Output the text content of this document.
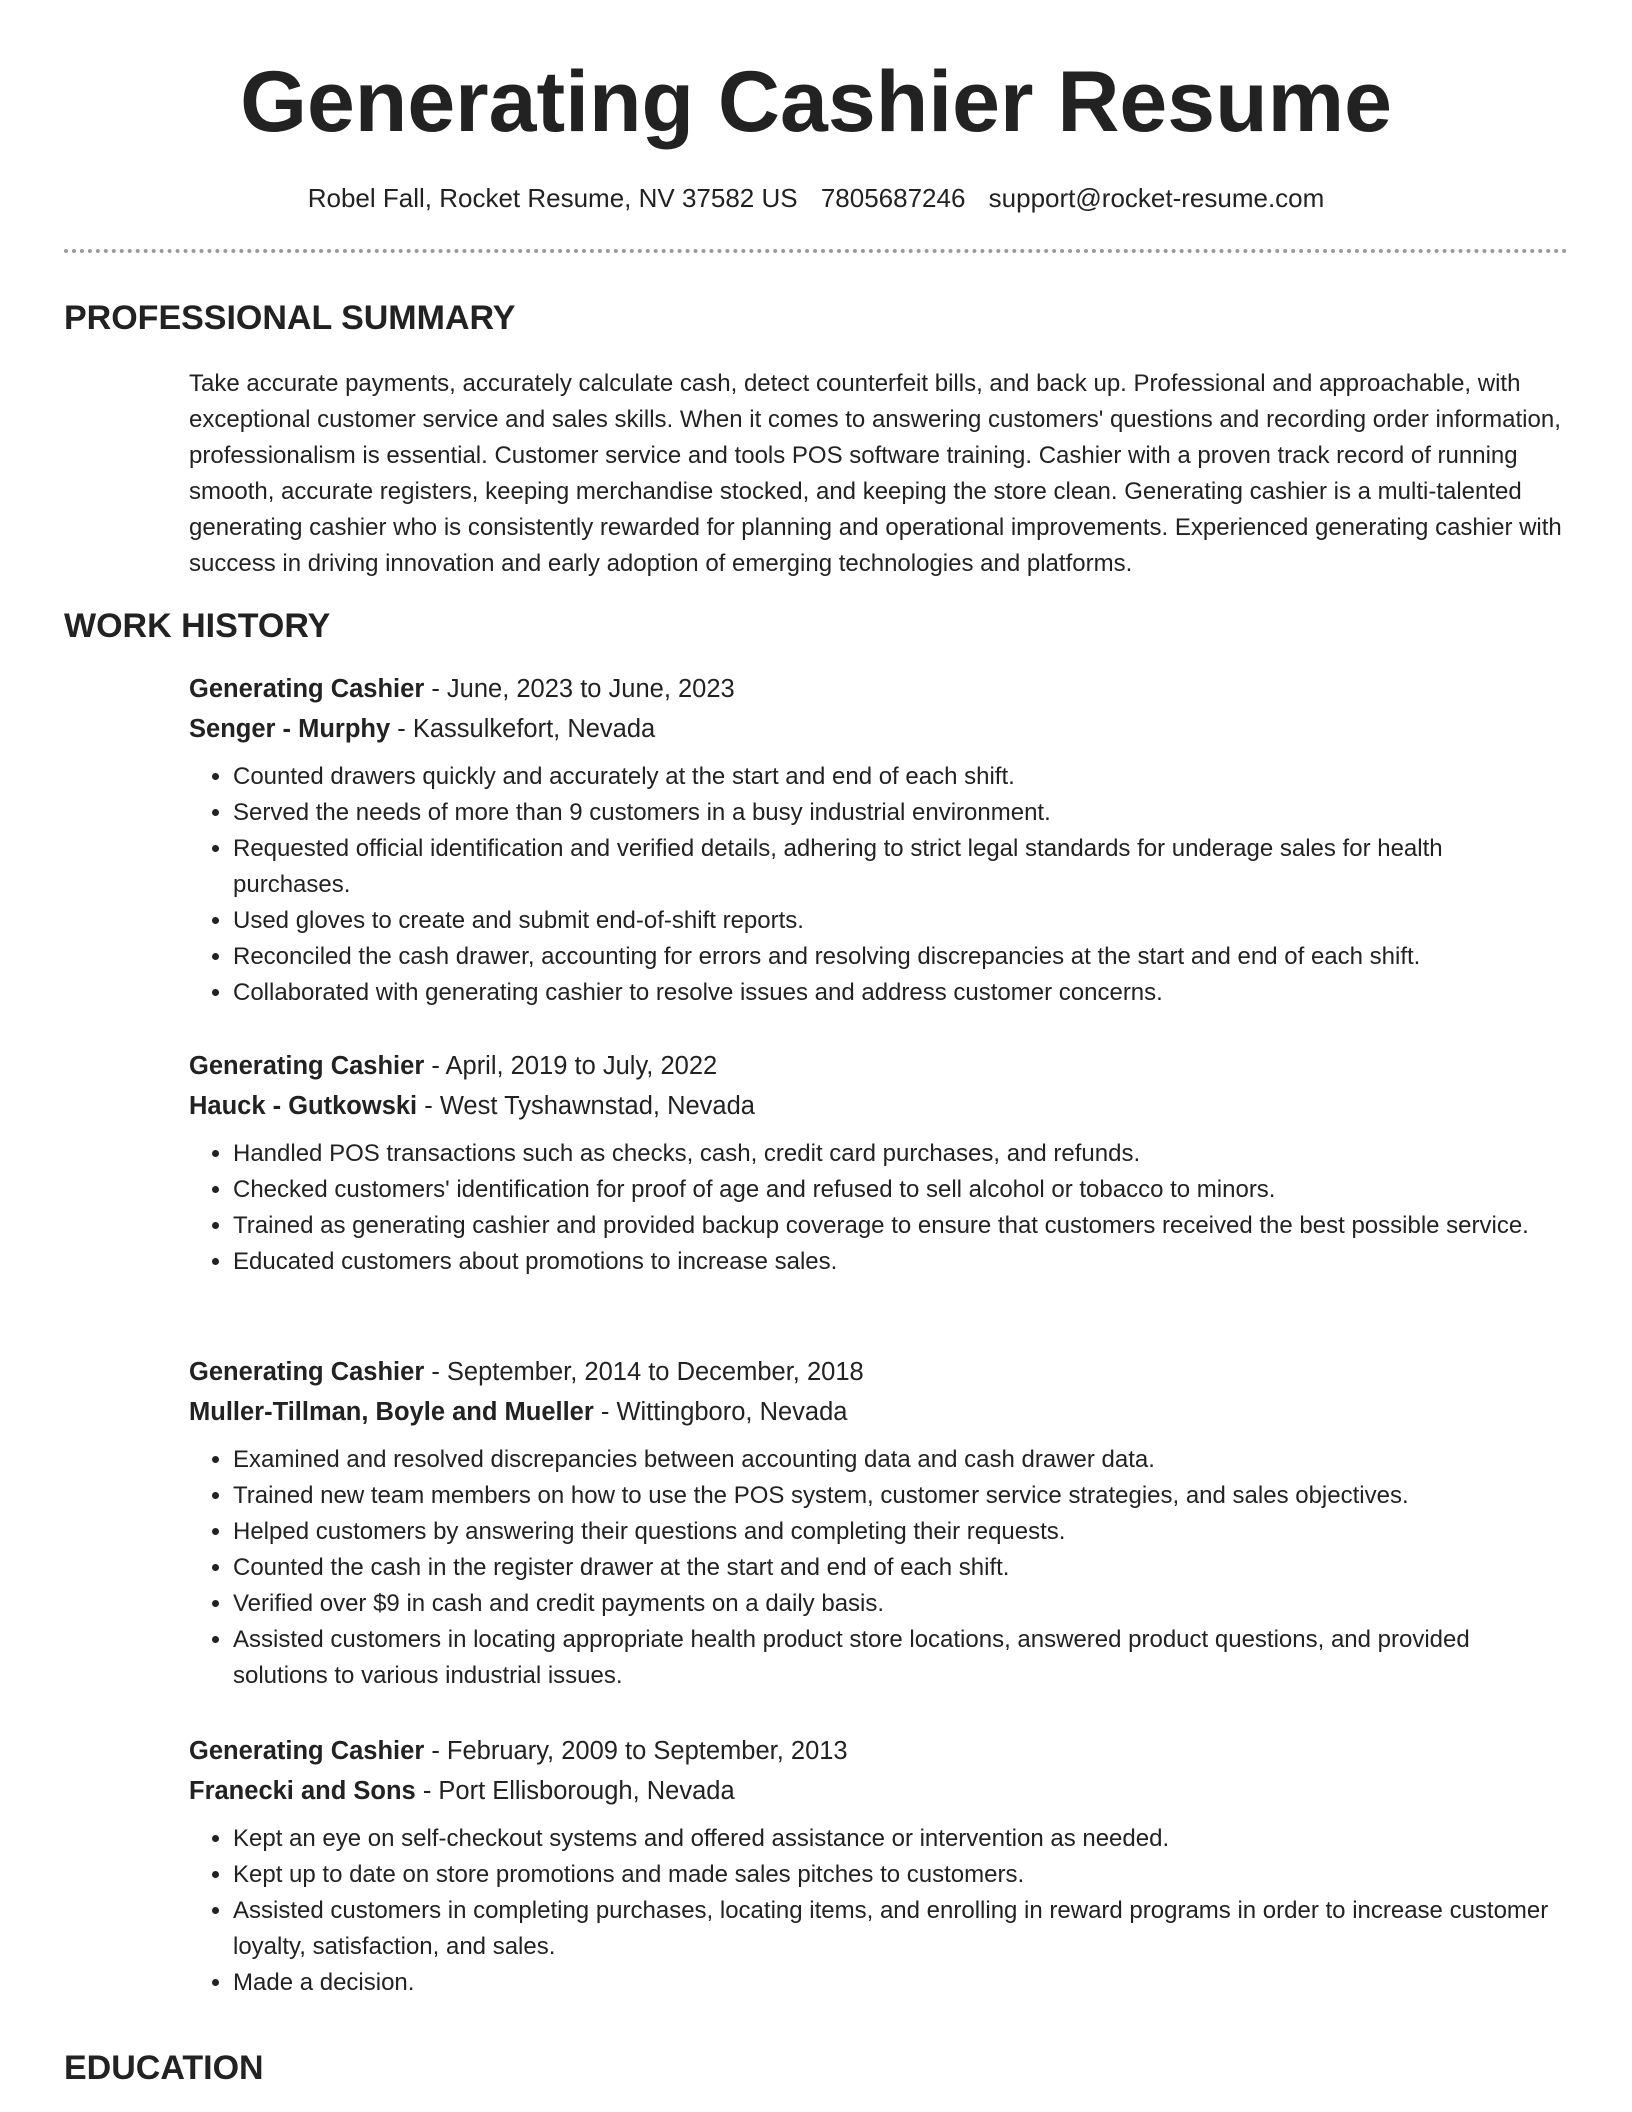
Generating Cashier Resume
Robel Fall, Rocket Resume, NV 37582 US 7805687246 support@rocket-resume.com
PROFESSIONAL SUMMARY

Take accurate payments, accurately calculate cash, detect counterfeit bills, and back up. Professional and approachable, with exceptional customer service and sales skills. When it comes to answering customers' questions and recording order information, professionalism is essential. Customer service and tools POS software training. Cashier with a proven track record of running smooth, accurate registers, keeping merchandise stocked, and keeping the store clean. Generating cashier is a multi-talented generating cashier who is consistently rewarded for planning and operational improvements. Experienced generating cashier with success in driving innovation and early adoption of emerging technologies and platforms.

WORK HISTORY
Generating Cashier - June, 2023 to June, 2023
Senger - Murphy - Kassulkefort, Nevada
• Counted drawers quickly and accurately at the start and end of each shift.
• Served the needs of more than 9 customers in a busy industrial environment.
• Requested official identification and verified details, adhering to strict legal standards for underage sales for health purchases.
• Used gloves to create and submit end-of-shift reports.
• Reconciled the cash drawer, accounting for errors and resolving discrepancies at the start and end of each shift.
• Collaborated with generating cashier to resolve issues and address customer concerns.
Generating Cashier - April, 2019 to July, 2022
Hauck - Gutkowski - West Tyshawnstad, Nevada
• Handled POS transactions such as checks, cash, credit card purchases, and refunds.
• Checked customers' identification for proof of age and refused to sell alcohol or tobacco to minors.
• Trained as generating cashier and provided backup coverage to ensure that customers received the best possible service.
• Educated customers about promotions to increase sales.
Generating Cashier - September, 2014 to December, 2018
Muller-Tillman, Boyle and Mueller - Wittingboro, Nevada
• Examined and resolved discrepancies between accounting data and cash drawer data.
• Trained new team members on how to use the POS system, customer service strategies, and sales objectives.
• Helped customers by answering their questions and completing their requests.
• Counted the cash in the register drawer at the start and end of each shift.
• Verified over $9 in cash and credit payments on a daily basis.
• Assisted customers in locating appropriate health product store locations, answered product questions, and provided solutions to various industrial issues.
Generating Cashier - February, 2009 to September, 2013
Franecki and Sons - Port Ellisborough, Nevada
• Kept an eye on self-checkout systems and offered assistance or intervention as needed.
• Kept up to date on store promotions and made sales pitches to customers.
• Assisted customers in completing purchases, locating items, and enrolling in reward programs in order to increase customer loyalty, satisfaction, and sales.
• Made a decision.
EDUCATION
